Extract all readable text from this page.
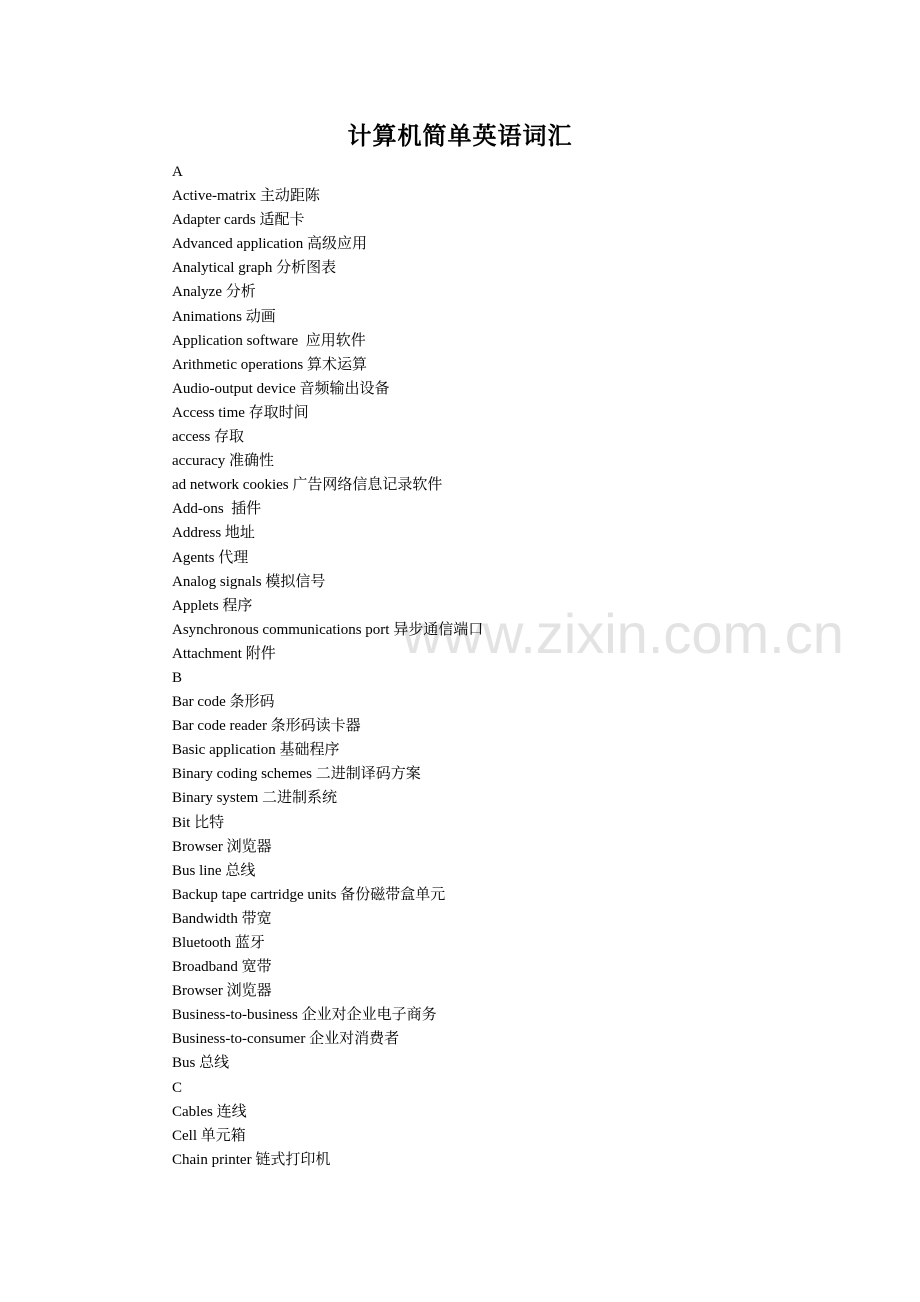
www.zixin.com.cn
计算机简单英语词汇
A
Active-matrix 主动距陈
Adapter cards 适配卡
Advanced application 高级应用
Analytical graph 分析图表
Analyze 分析
Animations 动画
Application software  应用软件
Arithmetic operations 算术运算
Audio-output device 音频输出设备
Access time 存取时间
access 存取
accuracy 准确性
ad network cookies 广告网络信息记录软件
Add-ons  插件
Address 地址
Agents 代理
Analog signals 模拟信号
Applets 程序
Asynchronous communications port 异步通信端口
Attachment 附件
B
Bar code 条形码
Bar code reader 条形码读卡器
Basic application 基础程序
Binary coding schemes 二进制译码方案
Binary system 二进制系统
Bit 比特
Browser 浏览器
Bus line 总线
Backup tape cartridge units 备份磁带盒单元
Bandwidth 带宽
Bluetooth 蓝牙
Broadband 宽带
Browser 浏览器
Business-to-business 企业对企业电子商务
Business-to-consumer 企业对消费者
Bus 总线
C
Cables 连线
Cell 单元箱
Chain printer 链式打印机
